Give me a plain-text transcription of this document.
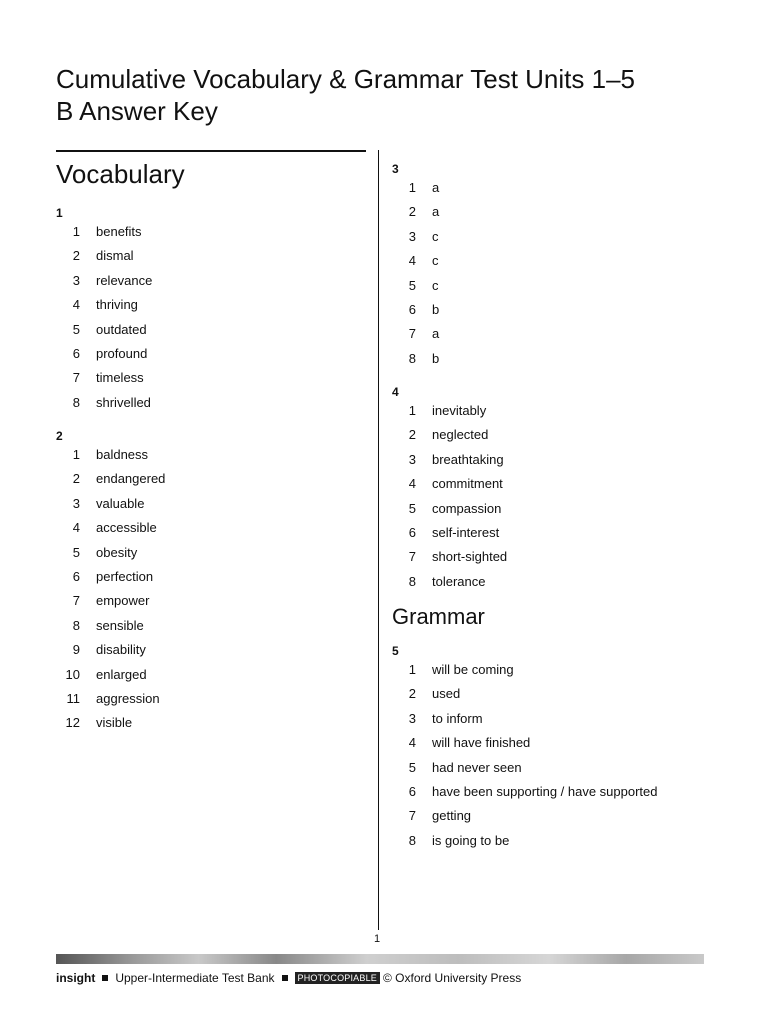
Cumulative Vocabulary & Grammar Test Units 1–5
B Answer Key
Vocabulary
1
1	benefits
2	dismal
3	relevance
4	thriving
5	outdated
6	profound
7	timeless
8	shrivelled
2
1	baldness
2	endangered
3	valuable
4	accessible
5	obesity
6	perfection
7	empower
8	sensible
9	disability
10	enlarged
11	aggression
12	visible
3
1	a
2	a
3	c
4	c
5	c
6	b
7	a
8	b
4
1	inevitably
2	neglected
3	breathtaking
4	commitment
5	compassion
6	self-interest
7	short-sighted
8	tolerance
Grammar
5
1	will be coming
2	used
3	to inform
4	will have finished
5	had never seen
6	have been supporting / have supported
7	getting
8	is going to be
1
insight Upper-Intermediate Test Bank	PHOTOCOPIABLE © Oxford University Press
